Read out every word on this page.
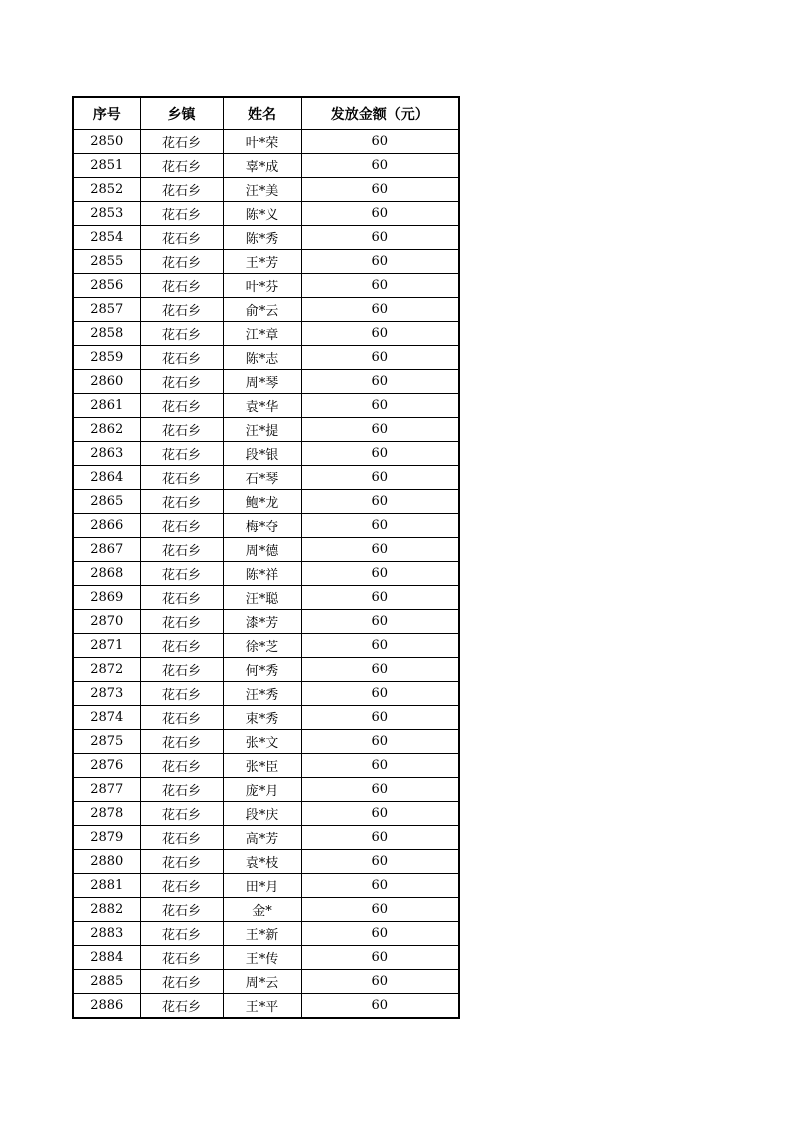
序号	乡镇	姓名	发放金额（元）
2850	花石乡	叶*荣	60
2851	花石乡	辜*成	60
2852	花石乡	汪*美	60
2853	花石乡	陈*义	60
2854	花石乡	陈*秀	60
2855	花石乡	王*芳	60
2856	花石乡	叶*芬	60
2857	花石乡	俞*云	60
2858	花石乡	江*章	60
2859	花石乡	陈*志	60
2860	花石乡	周*琴	60
2861	花石乡	袁*华	60
2862	花石乡	汪*提	60
2863	花石乡	段*银	60
2864	花石乡	石*琴	60
2865	花石乡	鲍*龙	60
2866	花石乡	梅*夺	60
2867	花石乡	周*德	60
2868	花石乡	陈*祥	60
2869	花石乡	汪*聪	60
2870	花石乡	漆*芳	60
2871	花石乡	徐*芝	60
2872	花石乡	何*秀	60
2873	花石乡	汪*秀	60
2874	花石乡	束*秀	60
2875	花石乡	张*文	60
2876	花石乡	张*臣	60
2877	花石乡	庞*月	60
2878	花石乡	段*庆	60
2879	花石乡	高*芳	60
2880	花石乡	袁*枝	60
2881	花石乡	田*月	60
2882	花石乡	金*	60
2883	花石乡	王*新	60
2884	花石乡	王*传	60
2885	花石乡	周*云	60
2886	花石乡	王*平	60
